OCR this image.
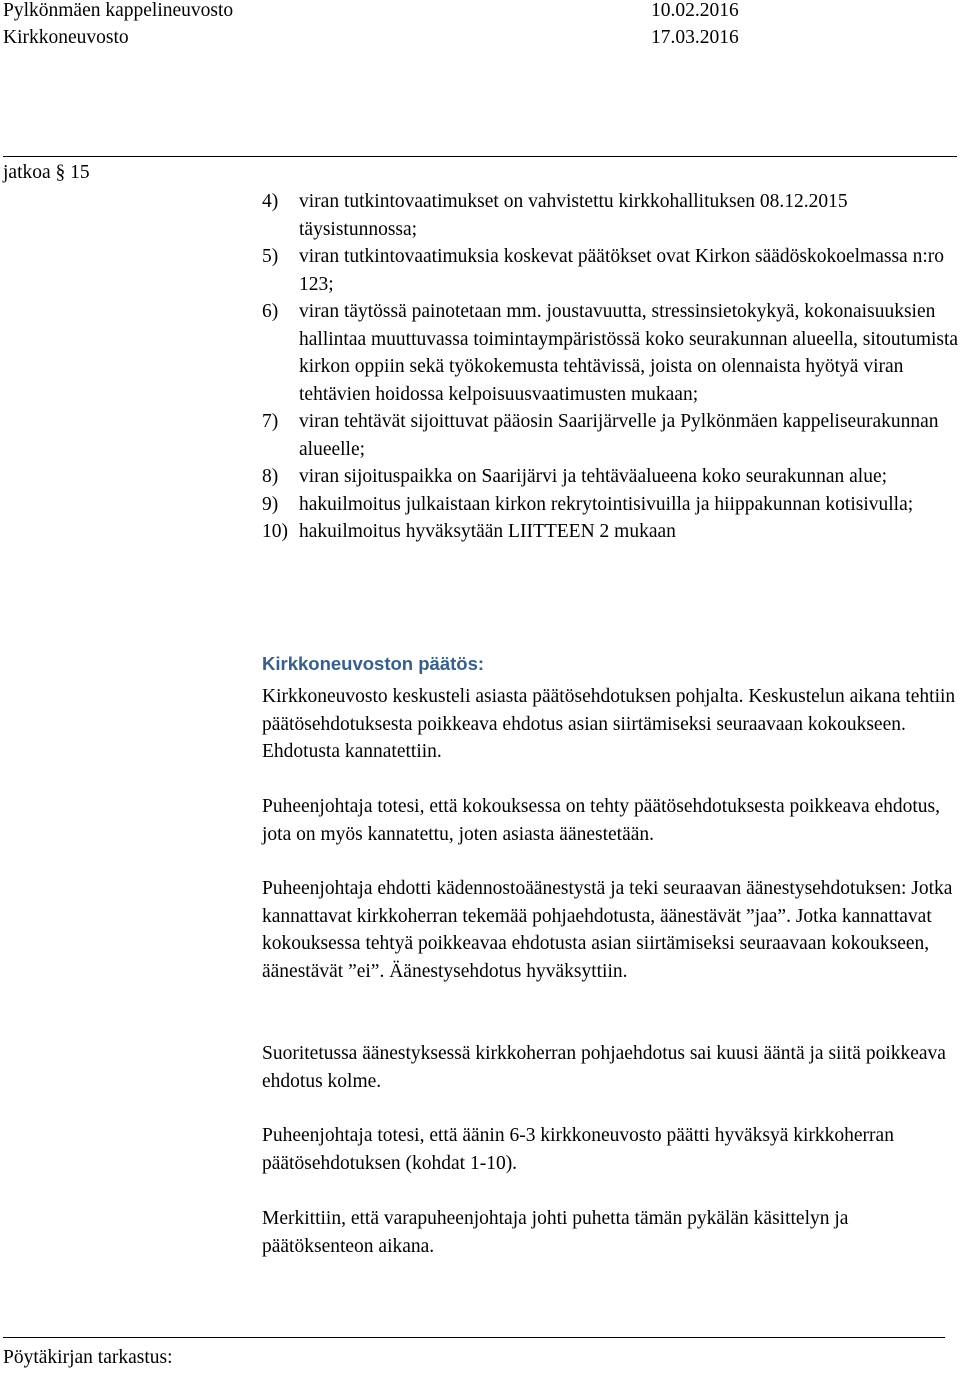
Pylkönmäen kappelineuvosto	10.02.2016
Kirkkoneuvosto	17.03.2016
jatkoa § 15
4) viran tutkintovaatimukset on vahvistettu kirkkohallituksen 08.12.2015 täysistunnossa;
5) viran tutkintovaatimuksia koskevat päätökset ovat Kirkon säädöskokoelmassa n:ro 123;
6) viran täytössä painotetaan mm. joustavuutta, stressinsietokykyä, kokonaisuuksien hallintaa muuttuvassa toimintaympäristössä koko seurakunnan alueella, sitoutumista kirkon oppiin sekä työkokemusta tehtävissä, joista on olennaista hyötyä viran tehtävien hoidossa kelpoisuusvaatimusten mukaan;
7) viran tehtävät sijoittuvat pääosin Saarijärvelle ja Pylkönmäen kappeliseurakunnan alueelle;
8) viran sijoituspaikka on Saarijärvi ja tehtäväalueena koko seurakunnan alue;
9) hakuilmoitus julkaistaan kirkon rekrytointisivuilla ja hiippakunnan kotisivulla;
10) hakuilmoitus hyväksytään LIITTEEN 2 mukaan
Kirkkoneuvoston päätös:
Kirkkoneuvosto keskusteli asiasta päätösehdotuksen pohjalta. Keskustelun aikana tehtiin päätösehdotuksesta poikkeava ehdotus asian siirtämiseksi seuraavaan kokoukseen. Ehdotusta kannatettiin.
Puheenjohtaja totesi, että kokouksessa on tehty päätösehdotuksesta poikkeava ehdotus, jota on myös kannatettu, joten asiasta äänestetään.
Puheenjohtaja ehdotti kädennostoäänestystä ja teki seuraavan äänestysehdotuksen: Jotka kannattavat kirkkoherran tekemää pohjaehdotusta, äänestävät ”jaa”. Jotka kannattavat kokouksessa tehtyä poikkeavaa ehdotusta asian siirtämiseksi seuraavaan kokoukseen, äänestävät ”ei”. Äänestysehdotus hyväksyttiin.
Suoritetussa äänestyksessä kirkkoherran pohjaehdotus sai kuusi ääntä ja siitä poikkeava ehdotus kolme.
Puheenjohtaja totesi, että äänin 6-3 kirkkoneuvosto päätti hyväksyä kirkkoherran päätösehdotuksen (kohdat 1-10).
Merkittiin, että varapuheenjohtaja johti puhetta tämän pykälän käsittelyn ja päätöksenteon aikana.
Pöytäkirjan tarkastus:
